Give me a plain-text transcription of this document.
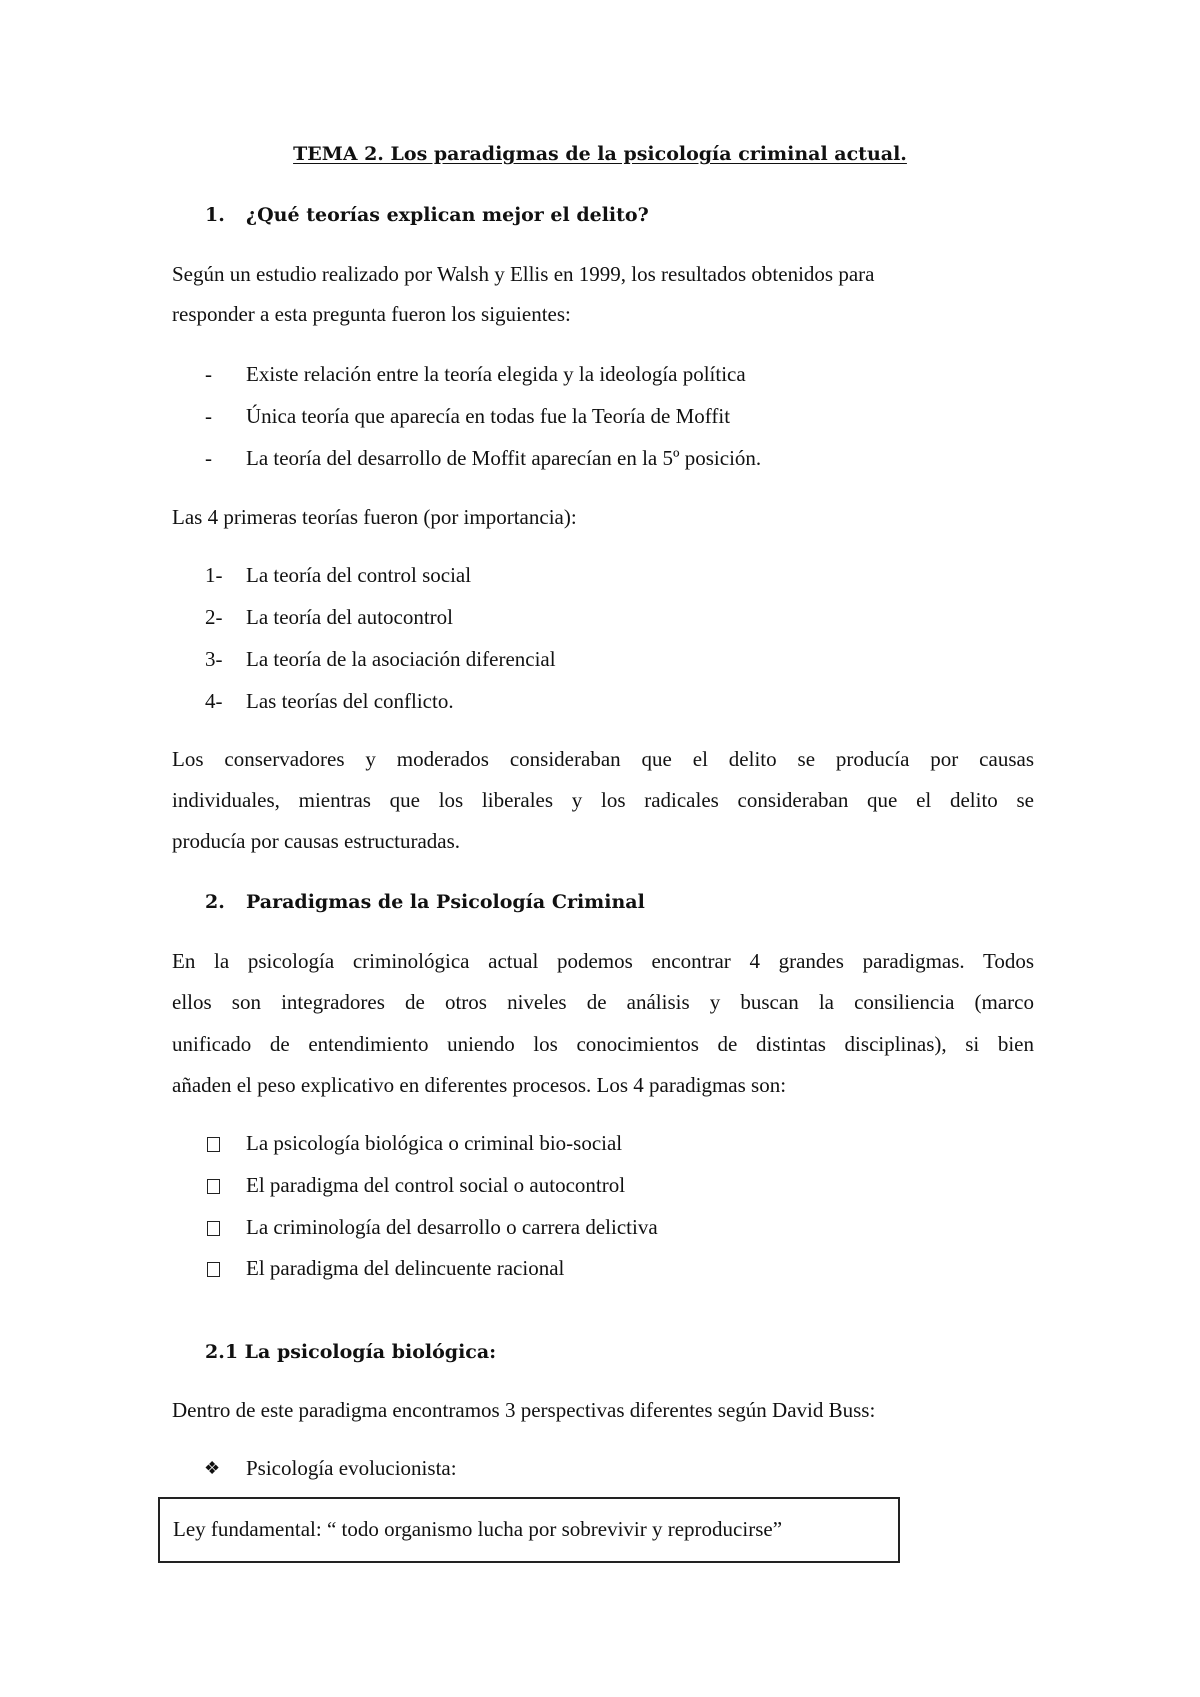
TEMA 2. Los paradigmas de la psicología criminal actual.
1. ¿Qué teorías explican mejor el delito?
Según un estudio realizado por Walsh y Ellis en 1999, los resultados obtenidos para
responder a esta pregunta fueron los siguientes:
- Existe relación entre la teoría elegida y la ideología política
- Única teoría que aparecía en todas fue la Teoría de Moffit
- La teoría del desarrollo de Moffit aparecían en la 5º posición.
Las 4 primeras teorías fueron (por importancia):
1- La teoría del control social
2- La teoría del autocontrol
3- La teoría de la asociación diferencial
4- Las teorías del conflicto.
Los conservadores y moderados consideraban que el delito se producía por causas
individuales, mientras que los liberales y los radicales consideraban que el delito se
producía por causas estructuradas.
2. Paradigmas de la Psicología Criminal
En la psicología criminológica actual podemos encontrar 4 grandes paradigmas. Todos
ellos son integradores de otros niveles de análisis y buscan la consiliencia (marco
unificado de entendimiento uniendo los conocimientos de distintas disciplinas), si bien
añaden el peso explicativo en diferentes procesos. Los 4 paradigmas son:
La psicología biológica o criminal bio-social
El paradigma del control social o autocontrol
La criminología del desarrollo o carrera delictiva
El paradigma del delincuente racional
2.1 La psicología biológica:
Dentro de este paradigma encontramos 3 perspectivas diferentes según David Buss:
❖ Psicología evolucionista:
Ley fundamental: “ todo organismo lucha por sobrevivir y reproducirse”
